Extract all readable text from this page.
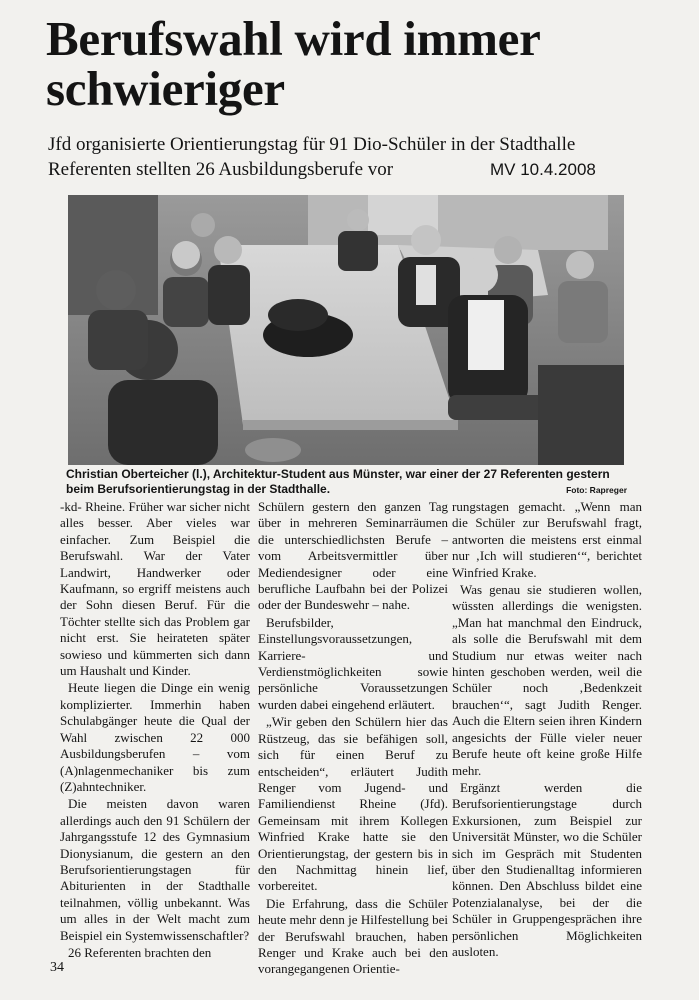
Berufswahl wird immer schwieriger
Jfd organisierte Orientierungstag für 91 Dio-Schüler in der Stadthalle
Referenten stellten 26 Ausbildungsberufe vor	MV 10.4.2008
Christian Oberteicher (l.), Architektur-Student aus Münster, war einer der 27 Referenten gestern beim Berufsorientierungstag in der Stadthalle.	Foto: Rapreger

-kd- Rheine. Früher war sicher nicht alles besser. Aber vieles war einfacher. Zum Beispiel die Berufswahl. War der Vater Landwirt, Handwerker oder Kaufmann, so ergriff meistens auch der Sohn diesen Beruf. Für die Töchter stellte sich das Problem gar nicht erst. Sie heirateten später sowieso und kümmerten sich dann um Haushalt und Kinder.

Heute liegen die Dinge ein wenig komplizierter. Immerhin haben Schulabgänger heute die Qual der Wahl zwischen 22 000 Ausbildungsberufen – vom (A)nlagenmechaniker bis zum (Z)ahntechniker.

Die meisten davon waren allerdings auch den 91 Schülern der Jahrgangsstufe 12 des Gymnasium Dionysianum, die gestern an den Berufsorientierungstagen für Abiturienten in der Stadthalle teilnahmen, völlig unbekannt. Was um alles in der Welt macht zum Beispiel ein Systemwissenschaftler?

26 Referenten brachten den

Schülern gestern den ganzen Tag über in mehreren Seminarräumen die unterschiedlichsten Berufe – vom Arbeitsvermittler über Mediendesigner oder eine berufliche Laufbahn bei der Polizei oder der Bundeswehr – nahe.

Berufsbilder, Einstellungsvoraussetzungen, Karriere- und Verdienstmöglichkeiten sowie persönliche Voraussetzungen wurden dabei eingehend erläutert.

„Wir geben den Schülern hier das Rüstzeug, das sie befähigen soll, sich für einen Beruf zu entscheiden“, erläutert Judith Renger vom Jugend- und Familiendienst Rheine (Jfd). Gemeinsam mit ihrem Kollegen Winfried Krake hatte sie den Orientierungstag, der gestern bis in den Nachmittag hinein lief, vorbereitet.

Die Erfahrung, dass die Schüler heute mehr denn je Hilfestellung bei der Berufswahl brauchen, haben Renger und Krake auch bei den vorangegangenen Orientie-

rungstagen gemacht. „Wenn man die Schüler zur Berufswahl fragt, antworten die meistens erst einmal nur ‚Ich will studieren‘“, berichtet Winfried Krake.

Was genau sie studieren wollen, wüssten allerdings die wenigsten. „Man hat manchmal den Eindruck, als solle die Berufswahl mit dem Studium nur etwas weiter nach hinten geschoben werden, weil die Schüler noch ‚Bedenkzeit brauchen‘“, sagt Judith Renger. Auch die Eltern seien ihren Kindern angesichts der Fülle vieler neuer Berufe heute oft keine große Hilfe mehr.

Ergänzt werden die Berufsorientierungstage durch Exkursionen, zum Beispiel zur Universität Münster, wo die Schüler sich im Gespräch mit Studenten über den Studienalltag informieren können. Den Abschluss bildet eine Potenzialanalyse, bei der die Schüler in Gruppengesprächen ihre persönlichen Möglichkeiten ausloten.

34
